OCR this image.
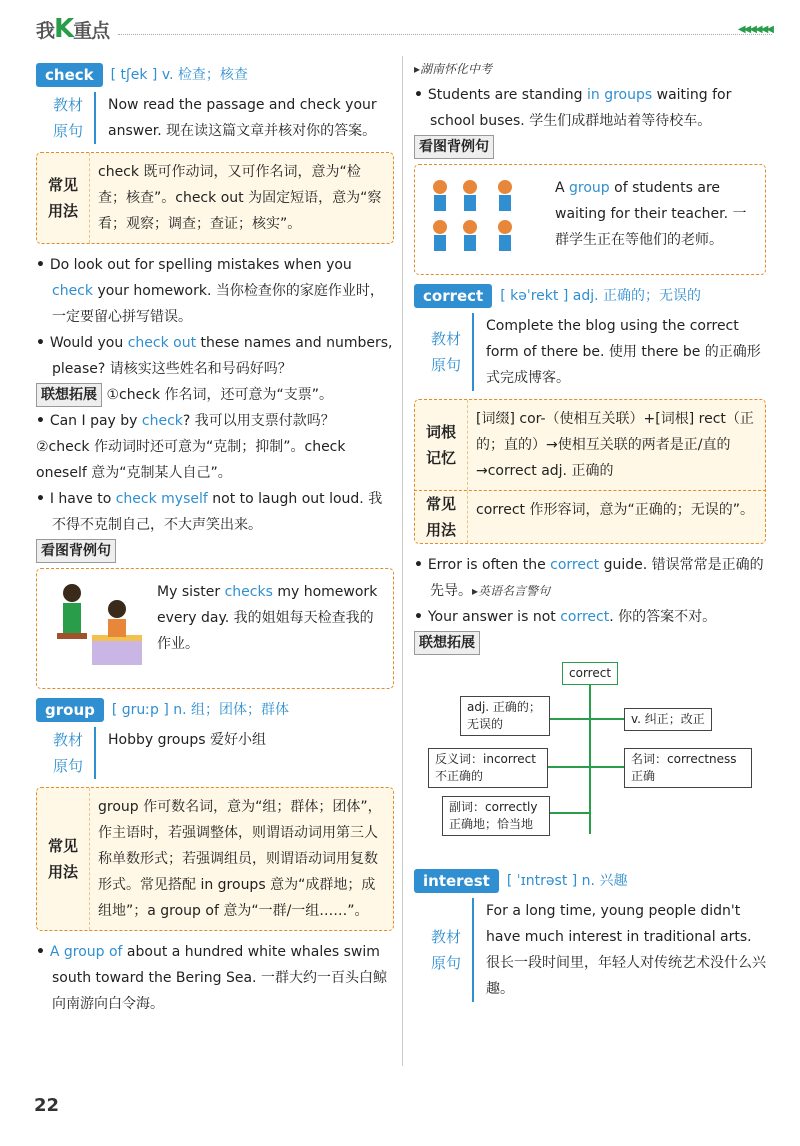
我K重点	◀◀◀◀◀◀
check	[ tʃek ] v. 检查；核查
教材原句
Now read the passage and check your answer. 现在读这篇文章并核对你的答案。
常见用法
check 既可作动词，又可作名词，意为“检查；核查”。check out 为固定短语，意为“察看；观察；调查；查证；核实”。
• Do look out for spelling mistakes when you check your homework. 当你检查你的家庭作业时，一定要留心拼写错误。
• Would you check out these names and numbers, please? 请核实这些姓名和号码好吗？
联想拓展 ①check 作名词，还可意为“支票”。
• Can I pay by check? 我可以用支票付款吗？
②check 作动词时还可意为“克制；抑制”。check oneself 意为“克制某人自己”。
• I have to check myself not to laugh out loud. 我不得不克制自己，不大声笑出来。
看图背例句
My sister checks my homework every day. 我的姐姐每天检查我的作业。
group	[ ɡruːp ] n. 组；团体；群体
教材原句
Hobby groups 爱好小组
常见用法
group 作可数名词，意为“组；群体；团体”，作主语时，若强调整体，则谓语动词用第三人称单数形式；若强调组员，则谓语动词用复数形式。常见搭配 in groups 意为“成群地；成组地”；a group of 意为“一群/一组……”。
• A group of about a hundred white whales swim south toward the Bering Sea. 一群大约一百头白鲸向南游向白令海。
▸湖南怀化中考
• Students are standing in groups waiting for school buses. 学生们成群地站着等待校车。
看图背例句
A group of students are waiting for their teacher. 一群学生正在等他们的老师。
correct	[ kəˈrekt ] adj. 正确的；无误的
教材原句
Complete the blog using the correct form of there be. 使用 there be 的正确形式完成博客。
词根记忆
[词缀] cor-（使相互关联）+[词根] rect（正的；直的）→使相互关联的两者是正/直的→correct adj. 正确的
常见用法
correct 作形容词，意为“正确的；无误的”。
• Error is often the correct guide. 错误常常是正确的先导。▸英语名言警句
• Your answer is not correct. 你的答案不对。
联想拓展
correct
adj. 正确的；无误的	v. 纠正；改正
反义词：incorrect 不正确的
名词：correctness 正确
副词：correctly 正确地；恰当地
interest	[ ˈɪntrəst ] n. 兴趣
教材原句
For a long time, young people didn't have much interest in traditional arts. 很长一段时间里，年轻人对传统艺术没什么兴趣。
22
